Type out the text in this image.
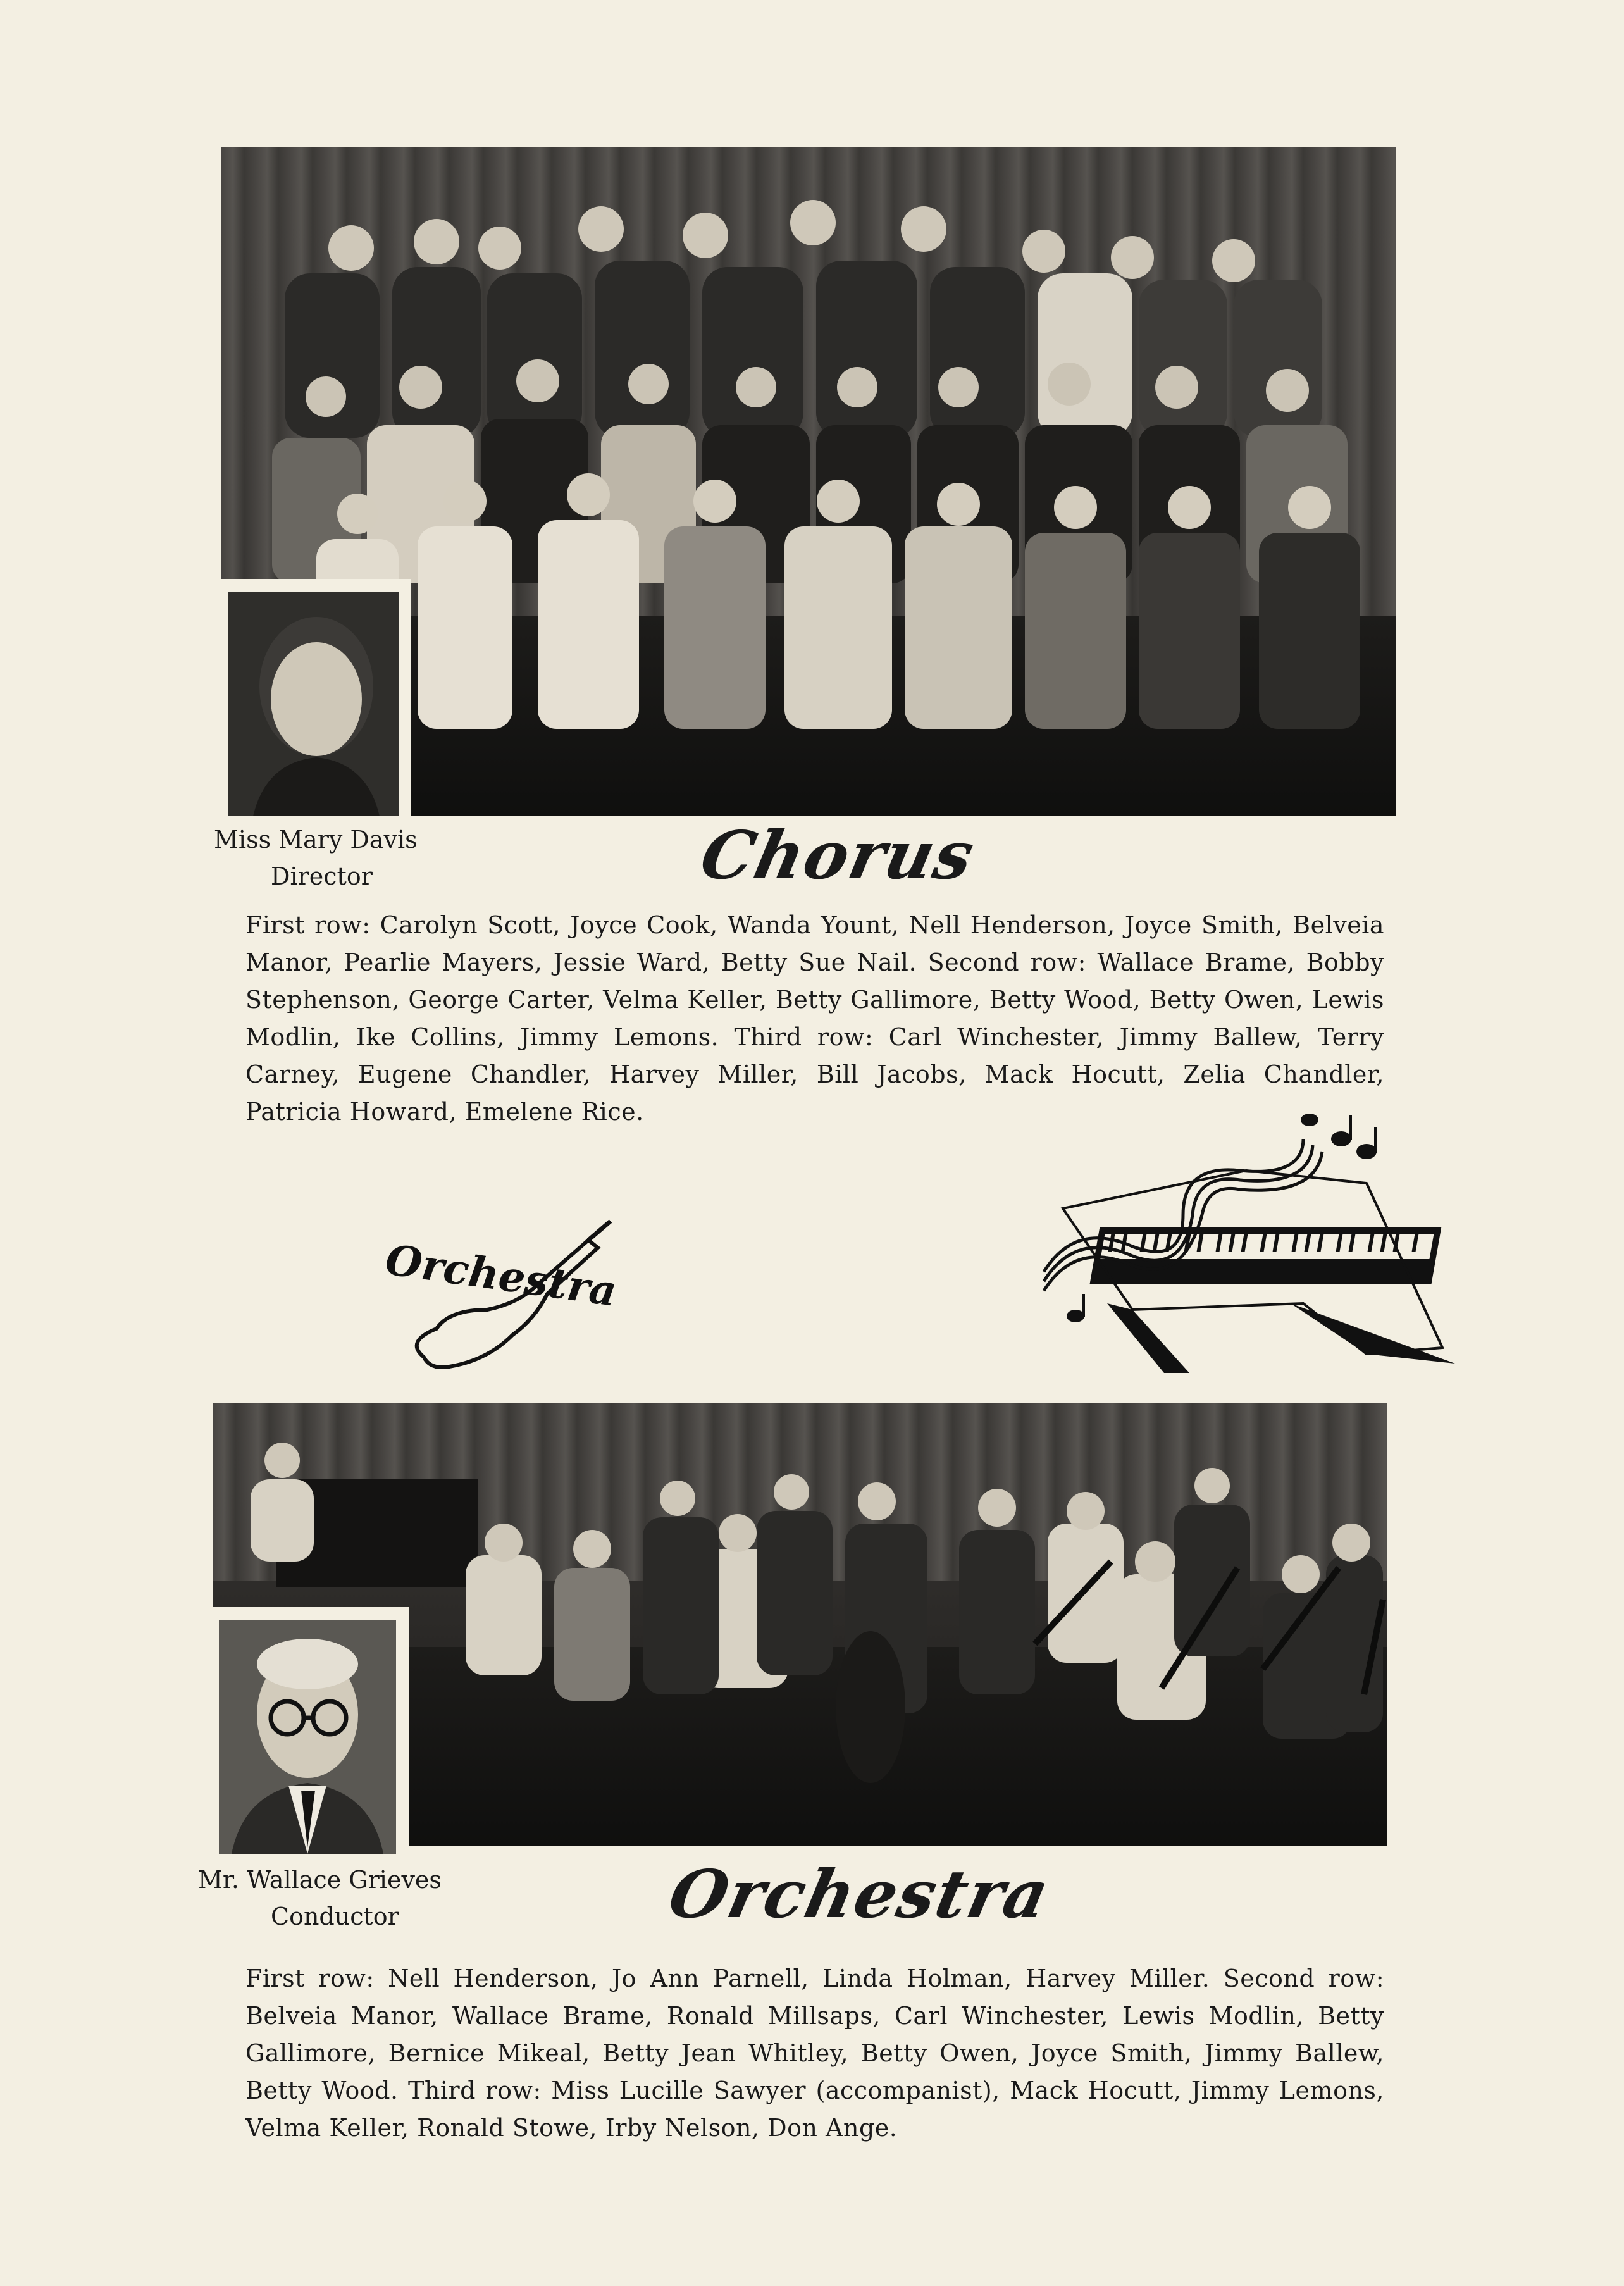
Miss Mary Davis
Director	Chorus
First row: Carolyn Scott, Joyce Cook, Wanda Yount, Nell Henderson, Joyce Smith, Belveia Manor, Pearlie Mayers, Jessie Ward, Betty Sue Nail. Second row: Wallace Brame, Bobby Stephenson, George Carter, Velma Keller, Betty Gallimore, Betty Wood, Betty Owen, Lewis Modlin, Ike Collins, Jimmy Lemons. Third row: Carl Winchester, Jimmy Ballew, Terry Carney, Eugene Chandler, Harvey Miller, Bill Jacobs, Mack Hocutt, Zelia Chandler, Patricia Howard, Emelene Rice.
Orchestra
Mr. Wallace Grieves
Conductor	Orchestra
First row: Nell Henderson, Jo Ann Parnell, Linda Holman, Harvey Miller. Second row: Belveia Manor, Wallace Brame, Ronald Millsaps, Carl Winchester, Lewis Modlin, Betty Gallimore, Bernice Mikeal, Betty Jean Whitley, Betty Owen, Joyce Smith, Jimmy Ballew, Betty Wood. Third row: Miss Lucille Sawyer (accompanist), Mack Hocutt, Jimmy Lemons, Velma Keller, Ronald Stowe, Irby Nelson, Don Ange.
